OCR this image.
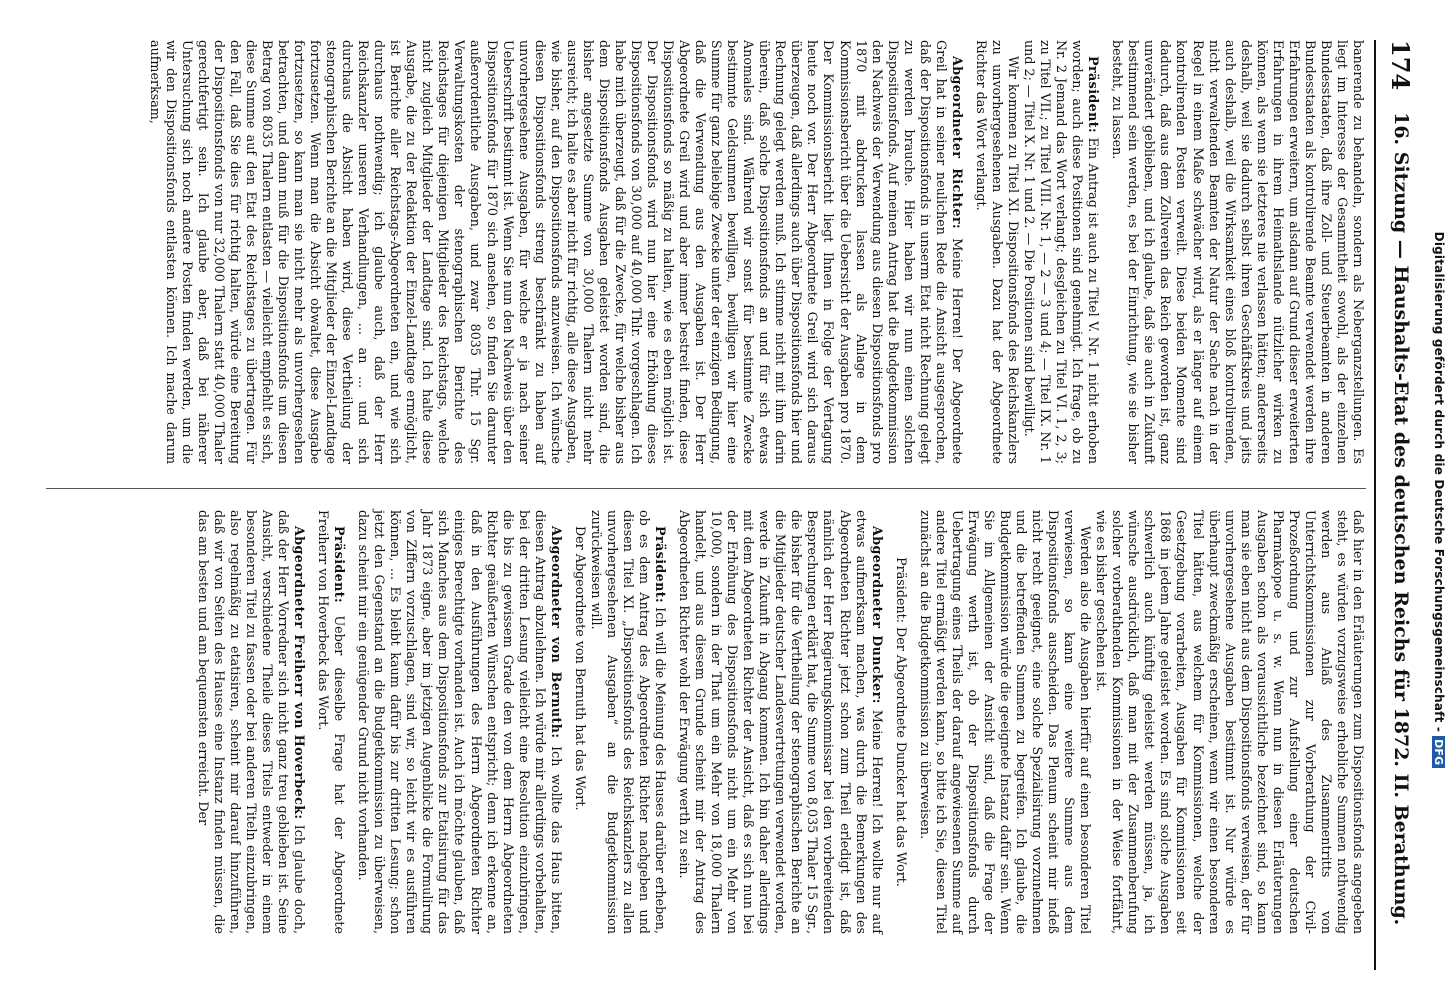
174
16. Sitzung

— Haushalts-Etat des deutschen Reichs für 1872. II. Berathung.

banerende zu behandeln, sondern als Neberganzstellungen. Es liegt im Interesse der Gesammtheit sowohl, als der einzelnen Bundesstaaten, daß ihre Zoll- und Steuerbeamten in anderen Bundesstaaten als kontrolirende Beamte verwendet werden ihre Erfahrungen erweitern, um alsdann auf Grund dieser erweiterten Erfahrungen in ihrem Heimathslande nützlicher wirken zu können, als wenn sie letzteres nie verlassen hätten; andererseits deshalb, weil sie dadurch selbst ihren Geschäftskreis und jeits auch deshalb, weil die Wirksamkeit eines bloß kontrolirenden, nicht verwaltenden Beamten der Natur der Sache nach in der Regel in einem Maße schwächer wird, als er länger auf einem kontrolirenden Posten verweilt. Diese beiden Momente sind dadurch, daß aus dem Zollverein das Reich geworden ist, ganz unverändert geblieben, und ich glaube, daß sie auch in Zukunft bestimmend sein werden, es bei der Einrichtung, wie sie bisher besteht, zu lassen.

Präsident: Ein Antrag ist auch zu Titel V. Nr. 1 nicht erhoben worden; auch diese Positionen sind genehmigt. Ich frage, ob zu Nr. 2 Jemand das Wort verlangt; desgleichen zu Titel VI. 1, 2, 3; zu Titel VII.; zu Titel VIII. Nr. 1, — 2 — 3 und 4; — Titel IX. Nr. 1 und 2; — Titel X. Nr. 1 und 2. — Die Positionen sind bewilligt.

Wir kommen zu Titel XI. Dispositionsfonds des Reichskanzlers zu unvorhergesehenen Ausgaben. Dazu hat der Abgeordnete Richter das Wort verlangt.

Abgeordneter Richter: Meine Herren! Der Abgeordnete Greil hat in seiner neulichen Rede die Ansicht ausgesprochen, daß der Dispositionsfonds in unserm Etat nicht Rechnung gelegt zu werden brauche. Hier haben wir nun einen solchen Dispositionsfonds. Auf meinen Antrag hat die Budgetkommission den Nachweis der Verwendung aus diesen Dispositionsfonds pro 1870 mit abdrucken lassen als Anlage in dem Kommissionsbericht über die Uebersicht der Ausgaben pro 1870. Der Kommissionsbericht liegt Ihnen in Folge der Vertagung heute noch vor. Der Herr Abgeordnete Greil wird sich daraus überzeugen, daß allerdings auch über Dispositionsfonds hier und Rechnung gelegt werden muß. Ich stimme nicht mit ihm darin überein, daß solche Dispositionsfonds an und für sich etwas Anomales sind. Während wir sonst für bestimmte Zwecke bestimmte Geldsummen bewilligen, bewilligen wir hier eine Summe für ganz beliebige Zwecke unter der einzigen Bedingung, daß die Verwendung aus den Ausgaben ist. Der Herr Abgeordnete Greil wird und aber immer bestreit finden, diese Dispositionsfonds so mäßig zu halten, wie es eben möglich ist. Der Dispositionsfonds wird nun hier eine Erhöhung dieses Dispositionsfonds von 30,000 auf 40,000 Thlr. vorgeschlagen. Ich habe mich überzeugt, daß für die Zwecke, für welche bisher aus dem Dispositionsfonds Ausgaben geleistet worden sind, die bisher angesetzte Summe von 30,000 Thalern nicht mehr ausreicht; ich halte es aber nicht für richtig, alle diese Ausgaben, wie bisher, auf den Dispositionsfonds anzuweisen. Ich wünsche diesen Dispositionsfonds streng beschränkt zu haben auf unvorhergesehene Ausgaben, für welche er ja nach seiner Ueberschrift bestimmt ist. Wenn Sie nun den Nachweis über den Dispositionsfonds für 1870 sich ansehen, so finden Sie darunter außerordentliche Ausgaben, und zwar 8035 Thlr. 15 Sgr. Verwaltungskosten der stenographischen Berichte des Reichstages für diejenigen Mitglieder des Reichstags, welche nicht zugleich Mitglieder der Landtage sind. Ich halte diese Ausgabe, die zu der Redaktion der Einzel-Landtage ermöglicht, ist Berichte aller Reichstags-Abgeordneten ein, und wie sich durchaus nothwendig; ich glaube auch, daß der Herr Reichskanzler unseren Verhandlungen, ... an ... und sich durchaus die Absicht haben wird, diese Vertheilung der stenographischen Berichte an die Mitglieder der Einzel-Landtage fortzusetzen. Wenn man die Absicht obwaltet, diese Ausgabe fortzusetzen, so kann man sie nicht mehr als unvorhergesehen betrachten, und dann muß für die Dispositionsfonds um diesen Betrag von 8035 Thalern entlasten — vielleicht empfiehlt es sich, diese Summe auf den Etat des Reichstages zu übertragen. Für den Fall, daß Sie dies für richtig halten, würde eine Bereitung der Dispositionsfonds von nur 32,000 Thalern statt 40,000 Thaler gerechtfertigt sein. Ich glaube aber, daß bei näherer Untersuchung sich noch andere Posten finden werden, um die wir den Dispositionsfonds entlasten können. Ich mache darum aufmerksam,

daß hier in den Erläuterungen zum Dispositionsfonds angegeben steht, es würden vorzugsweise erhebliche Summen nothwendig werden aus Anlaß des Zusammentritts von Unterrichtskommissionen zur Vorberathung der Civil-Prozeßordnung und zur Aufstellung einer deutschen Pharmakopoe u. s. w. Wenn nun in diesen Erläuterungen Ausgaben schon als voraussichtliche bezeichnet sind, so kann man sie eben nicht aus dem Dispositionsfonds verweisen, der für unvorhergesehene Ausgaben bestimmt ist. Nur würde es überhaupt zweckmäßig erscheinen, wenn wir einen besonderen Titel hätten, aus welchem für Kommissionen, welche der Gesetzgebung vorarbeiten, Ausgaben für Kommissionen seit 1868 in jedem Jahre geleistet worden. Es sind solche Ausgaben schwerlich auch künftig geleistet werden müssen, ja, ich wünsche ausdrücklich, daß man mit der Zusammenberufung solcher vorberathenden Kommissionen in der Weise fortfährt, wie es bisher geschehen ist.

Werden also die Ausgaben hierfür auf einen besonderen Titel verwiesen, so kann eine weitere Summe aus dem Dispositionsfonds ausscheiden. Das Plenum scheint mir indeß nicht recht geeignet, eine solche Spezialisirung vorzunehmen und die betreffenden Summen zu begreifen. Ich glaube, die Budgetkommission würde die geeignete Instanz dafür sein. Wenn Sie im Allgemeinen der Ansicht sind, daß die Frage der Erwägung werth ist, ob der Dispositionsfonds durch Uebertragung eines Theils der darauf angewiesenen Summe auf andere Titel ermäßigt werden kann, so bitte ich Sie, diesen Titel zunächst an die Budgetkommission zu überweisen.

Präsident: Der Abgeordnete Duncker hat das Wort.

Abgeordneter Duncker: Meine Herren! Ich wollte nur auf etwas aufmerksam machen, was durch die Bemerkungen des Abgeordneten Richter jetzt schon zum Theil erledigt ist, daß nämlich der Herr Regierungskommissar bei den vorbereitenden Besprechungen erklärt hat, die Summe von 8,035 Thaler 15 Sgr., die bisher für die Vertheilung der stenographischen Berichte an die Mitglieder deutscher Landesvertretungen verwendet worden, werde in Zukunft in Abgang kommen. Ich bin daher allerdings mit dem Abgeordneten Richter der Ansicht, daß es sich nun bei der Erhöhung des Dispositionsfonds nicht um ein Mehr von 10,000, sondern in der That um ein Mehr von 18,000 Thalern handelt, und aus diesem Grunde scheint mir der Antrag des Abgeordneten Richter wohl der Erwägung werth zu sein.

Präsident: Ich will die Meinung des Hauses darüber erheben, ob es dem Antrag des Abgeordneten Richter nachgeben und diesen Titel XI. „Dispositionsfonds des Reichskanzlers zu allen unvorhergesehenen Ausgaben“ an die Budgetkommission zurückweisen will.

Der Abgeordnete von Bernuth hat das Wort.

Abgeordneter von Bernuth: Ich wollte das Haus bitten, diesen Antrag abzulehnen. Ich würde mir allerdings vorbehalten, bei der dritten Lesung vielleicht eine Resolution einzubringen, die bis zu gewissem Grade den von dem Herrn Abgeordneten Richter geäußerten Wünschen entspricht; denn ich erkenne an, daß in den Ausführungen des Herrn Abgeordneten Richter einiges Berechtigte vorhanden ist. Auch ich möchte glauben, daß sich Manches aus dem Dispositionsfonds zur Etatisirung für das Jahr 1873 eigne, aber im jetzigen Augenblicke die Formulirung von Ziffern vorzuschlagen, sind wir, so leicht wir es ausführen können, ... Es bleibt kaum dafür bis zur dritten Lesung; schon jetzt den Gegenstand an die Budgetkommission zu überweisen, dazu scheint mir ein genügender Grund nicht vorhanden.

Präsident: Ueber dieselbe Frage hat der Abgeordnete Freiherr von Hoverbeck das Wort.

Abgeordneter Freiherr von Hoverbeck: Ich glaube doch, daß der Herr Vorredner sich nicht ganz treu geblieben ist. Seine Ansicht, verschiedene Theile dieses Titels entweder in einem besonderen Titel zu fassen oder bei anderen Titeln einzubringen, also regelmäßig zu etatisiren, scheint mir darauf hinzuführen, daß wir von Seiten des Hauses eine Instanz finden müssen, die das am besten und am bequemsten erreicht. Der	Digitalisierung gefördert durch die Deutsche Forschungsgemeinschaft -DFG
